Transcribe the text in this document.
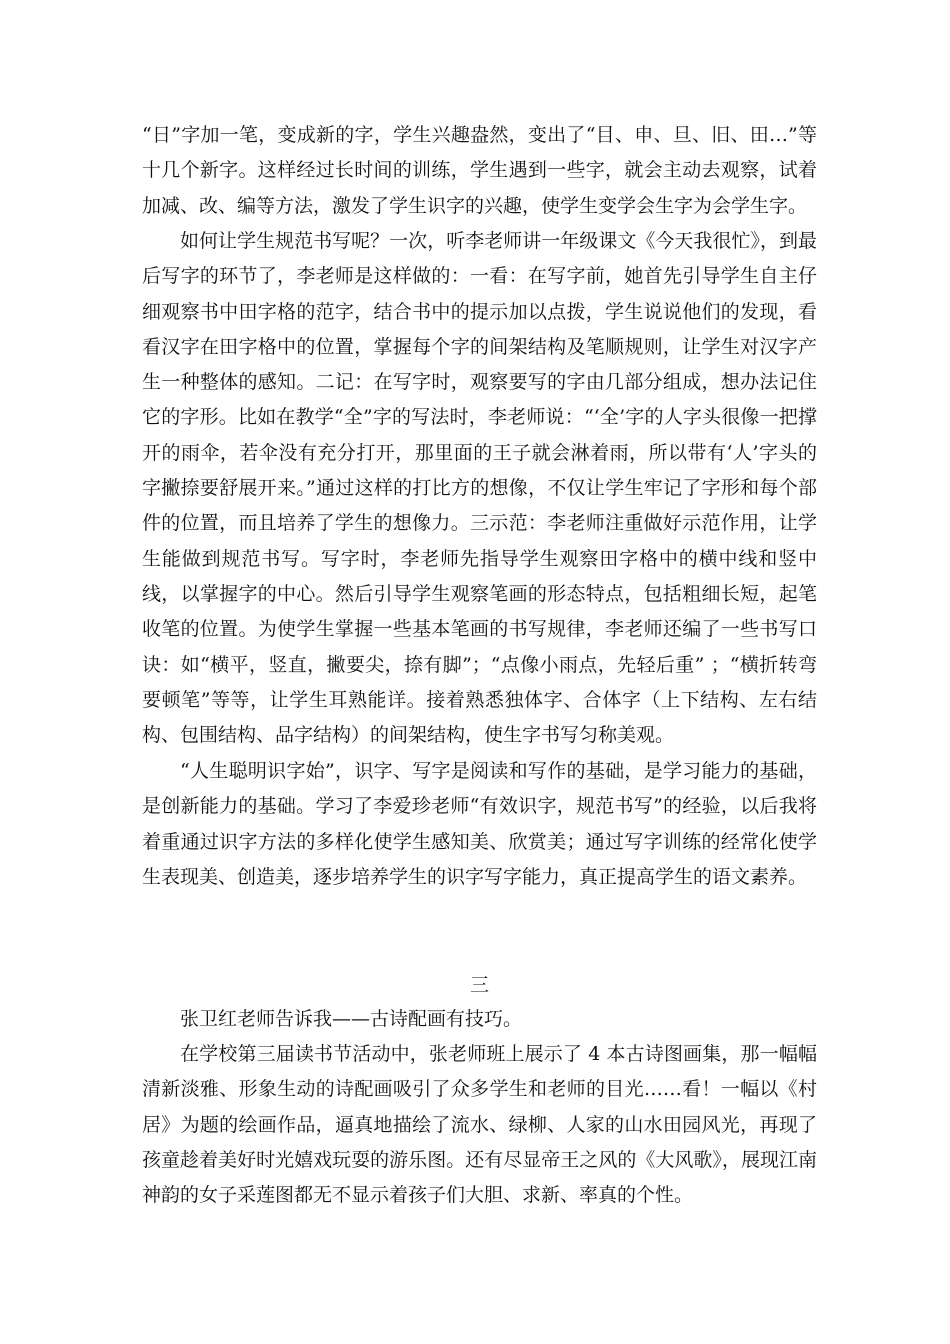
“日”字加一笔，变成新的字，学生兴趣盎然，变出了“目、申、旦、旧、田…”等十几个新字。这样经过长时间的训练，学生遇到一些字，就会主动去观察，试着加减、改、编等方法，激发了学生识字的兴趣，使学生变学会生字为会学生字。

如何让学生规范书写呢？一次，听李老师讲一年级课文《今天我很忙》，到最后写字的环节了，李老师是这样做的：一看：在写字前，她首先引导学生自主仔细观察书中田字格的范字，结合书中的提示加以点拨，学生说说他们的发现，看看汉字在田字格中的位置，掌握每个字的间架结构及笔顺规则，让学生对汉字产生一种整体的感知。二记：在写字时，观察要写的字由几部分组成，想办法记住它的字形。比如在教学“全”字的写法时，李老师说：“‘全’字的人字头很像一把撑开的雨伞，若伞没有充分打开，那里面的王子就会淋着雨，所以带有‘人’字头的字撇捺要舒展开来。”通过这样的打比方的想像，不仅让学生牢记了字形和每个部件的位置，而且培养了学生的想像力。三示范：李老师注重做好示范作用，让学生能做到规范书写。写字时，李老师先指导学生观察田字格中的横中线和竖中线，以掌握字的中心。然后引导学生观察笔画的形态特点，包括粗细长短，起笔收笔的位置。为使学生掌握一些基本笔画的书写规律，李老师还编了一些书写口诀：如“横平，竖直，撇要尖，捺有脚”；“点像小雨点，先轻后重” ；“横折转弯要顿笔”等等，让学生耳熟能详。接着熟悉独体字、合体字（上下结构、左右结构、包围结构、品字结构）的间架结构，使生字书写匀称美观。

“人生聪明识字始”，识字、写字是阅读和写作的基础，是学习能力的基础，是创新能力的基础。学习了李爱珍老师“有效识字，规范书写”的经验，以后我将着重通过识字方法的多样化使学生感知美、欣赏美；通过写字训练的经常化使学生表现美、创造美，逐步培养学生的识字写字能力，真正提高学生的语文素养。

三

张卫红老师告诉我——古诗配画有技巧。

在学校第三届读书节活动中，张老师班上展示了 4 本古诗图画集，那一幅幅清新淡雅、形象生动的诗配画吸引了众多学生和老师的目光……看！一幅以《村居》为题的绘画作品，逼真地描绘了流水、绿柳、人家的山水田园风光，再现了孩童趁着美好时光嬉戏玩耍的游乐图。还有尽显帝王之风的《大风歌》，展现江南神韵的女子采莲图都无不显示着孩子们大胆、求新、率真的个性。
